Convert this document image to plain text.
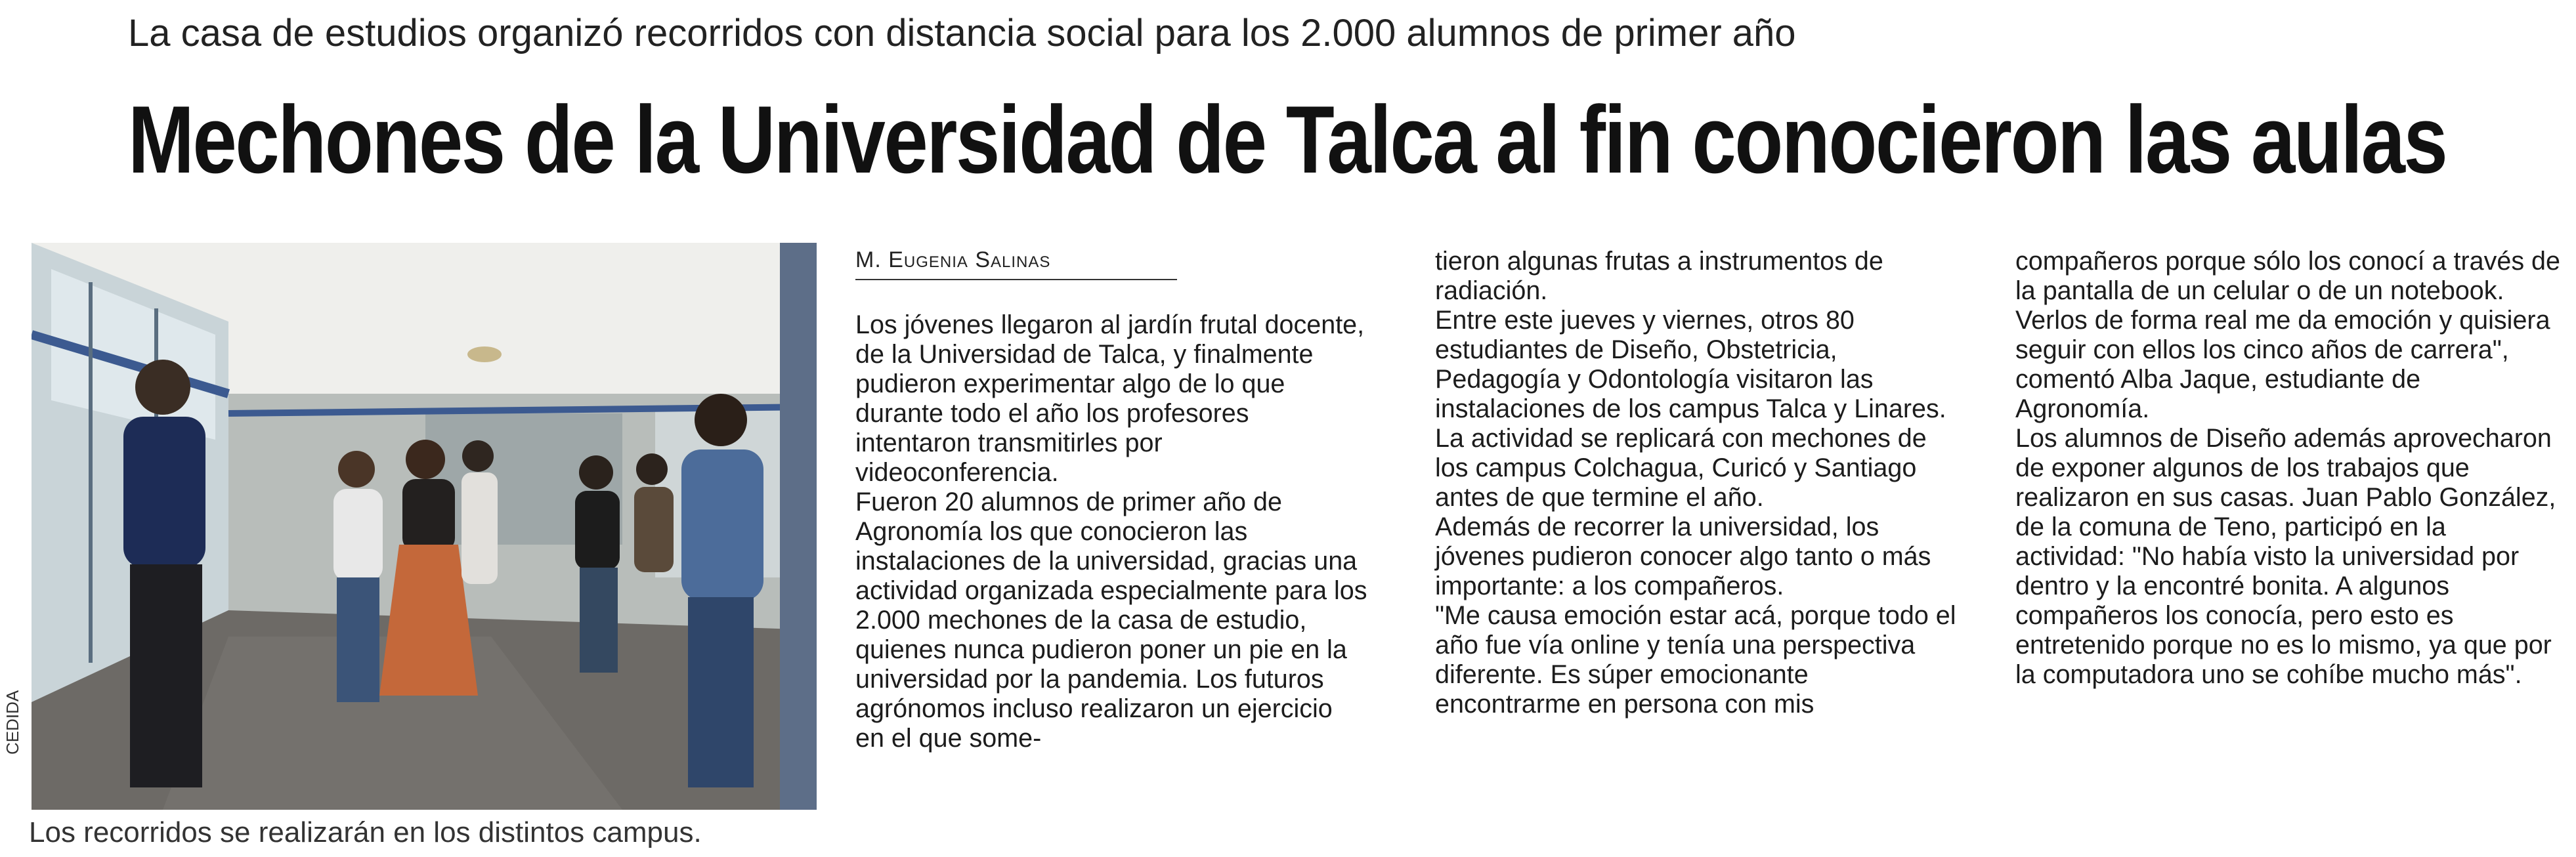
La casa de estudios organizó recorridos con distancia social para los 2.000 alumnos de primer año
Mechones de la Universidad de Talca al fin conocieron las aulas
CEDIDA
Los recorridos se realizarán en los distintos campus.
M. Eugenia Salinas

Los jóvenes llegaron al jardín frutal docente, de la Universidad de Talca, y finalmente pudieron experimentar algo de lo que durante todo el año los profesores intentaron transmitirles por videoconferencia.

Fueron 20 alumnos de primer año de Agronomía los que conocieron las instalaciones de la universidad, gracias una actividad organizada especialmente para los 2.000 mechones de la casa de estudio, quienes nunca pudieron poner un pie en la universidad por la pandemia. Los futuros agrónomos incluso realizaron un ejercicio en el que some-

tieron algunas frutas a instrumentos de radiación.

Entre este jueves y viernes, otros 80 estudiantes de Diseño, Obstetricia, Pedagogía y Odontología visitaron las instalaciones de los campus Talca y Linares. La actividad se replicará con mechones de los campus Colchagua, Curicó y Santiago antes de que termine el año.

Además de recorrer la universidad, los jóvenes pudieron conocer algo tanto o más importante: a los compañeros.

"Me causa emoción estar acá, porque todo el año fue vía online y tenía una perspectiva diferente. Es súper emocionante encontrarme en persona con mis

compañeros porque sólo los conocí a través de la pantalla de un celular o de un notebook. Verlos de forma real me da emoción y quisiera seguir con ellos los cinco años de carrera", comentó Alba Jaque, estudiante de Agronomía.

Los alumnos de Diseño además aprovecharon de exponer algunos de los trabajos que realizaron en sus casas. Juan Pablo González, de la comuna de Teno, participó en la actividad: "No había visto la universidad por dentro y la encontré bonita. A algunos compañeros los conocía, pero esto es entretenido porque no es lo mismo, ya que por la computadora uno se cohíbe mucho más".
